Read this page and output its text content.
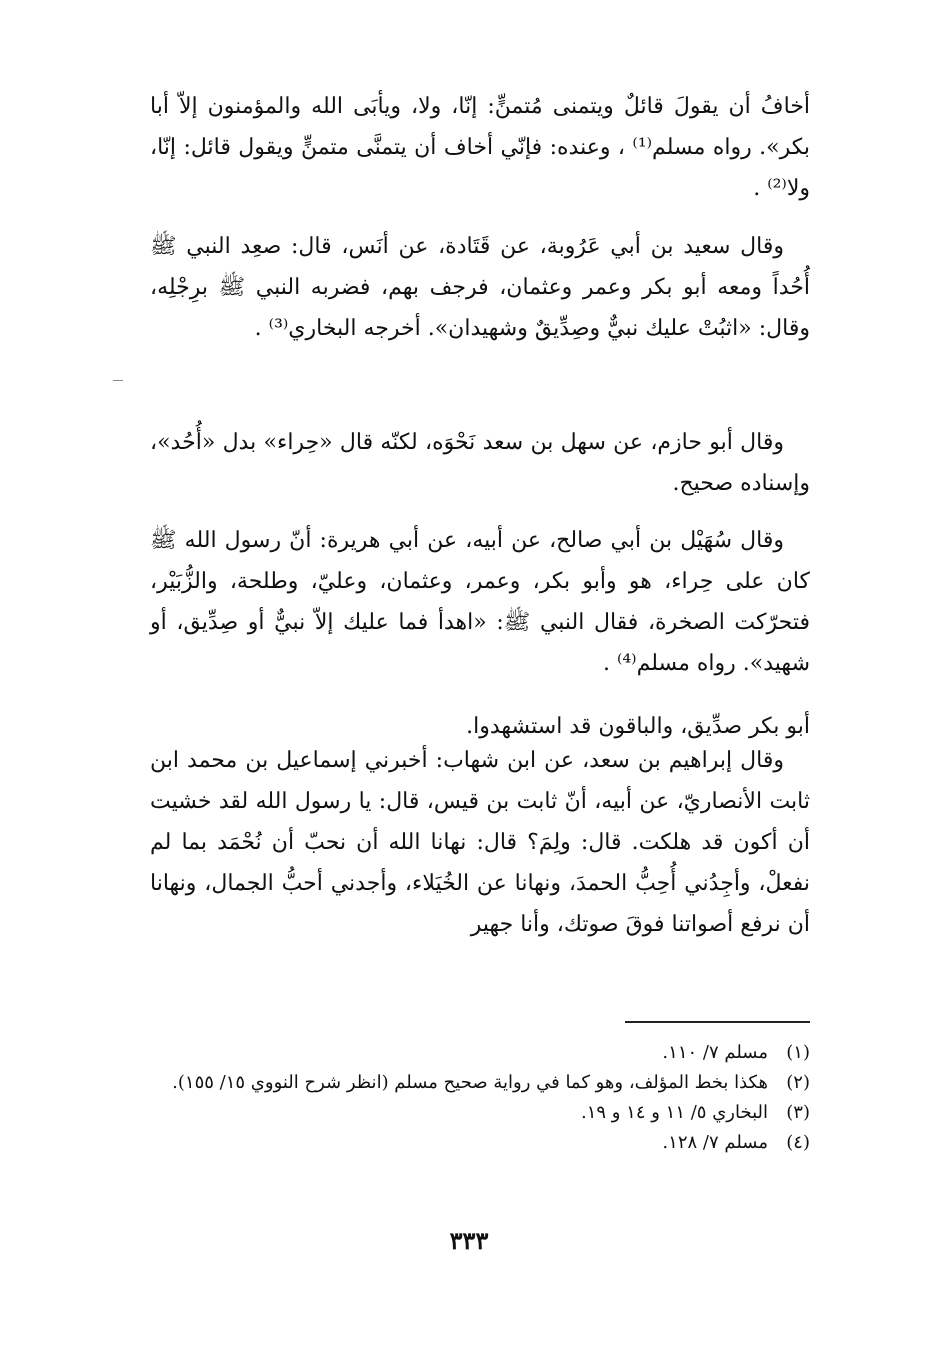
أخافُ أن يقولَ قائلٌ ويتمنى مُتمنٍّ: إنّا، ولا، ويأبَى الله والمؤمنون إلاّ أبا بكر». رواه مسلم⁽¹⁾ ، وعنده: فإنّي أخاف أن يتمنَّى متمنٍّ ويقول قائل: إنّا، ولا⁽²⁾ .

وقال سعيد بن أبي عَرُوبة، عن قَتَادة، عن أنَس، قال: صعِد النبي ﷺ أُحُداً ومعه أبو بكر وعمر وعثمان، فرجف بهم، فضربه النبي ﷺ برِجْلِه، وقال: «اثبُتْ عليك نبيٌّ وصِدِّيقٌ وشهيدان». أخرجه البخاري⁽³⁾ .

وقال أبو حازم، عن سهل بن سعد نَحْوَه، لكنّه قال «حِراء» بدل «أُحُد»، وإسناده صحيح.

وقال سُهَيْل بن أبي صالح، عن أبيه، عن أبي هريرة: أنّ رسول الله ﷺ كان على حِراء، هو وأبو بكر، وعمر، وعثمان، وعليّ، وطلحة، والزُّبَيْر، فتحرّكت الصخرة، فقال النبي ﷺ: «اهدأ فما عليك إلاّ نبيٌّ أو صِدِّيق، أو شهيد». رواه مسلم⁽⁴⁾ .

أبو بكر صدِّيق، والباقون قد استشهدوا.

وقال إبراهيم بن سعد، عن ابن شهاب: أخبرني إسماعيل بن محمد ابن ثابت الأنصاريّ، عن أبيه، أنّ ثابت بن قيس، قال: يا رسول الله لقد خشيت أن أكون قد هلكت. قال: ولِمَ؟ قال: نهانا الله أن نحبّ أن نُحْمَد بما لم نفعلْ، وأجِدُني أُحِبُّ الحمدَ، ونهانا عن الخُيَلاء، وأجدني أحبُّ الجمال، ونهانا أن نرفع أصواتنا فوقَ صوتك، وأنا جهير

(١)
مسلم ٧/ ١١٠.
(٢)
هكذا بخط المؤلف، وهو كما في رواية صحيح مسلم (انظر شرح النووي ١٥/ ١٥٥).
(٣)
البخاري ٥/ ١١ و ١٤ و ١٩.
(٤)
مسلم ٧/ ١٢٨.
٣٣٣
